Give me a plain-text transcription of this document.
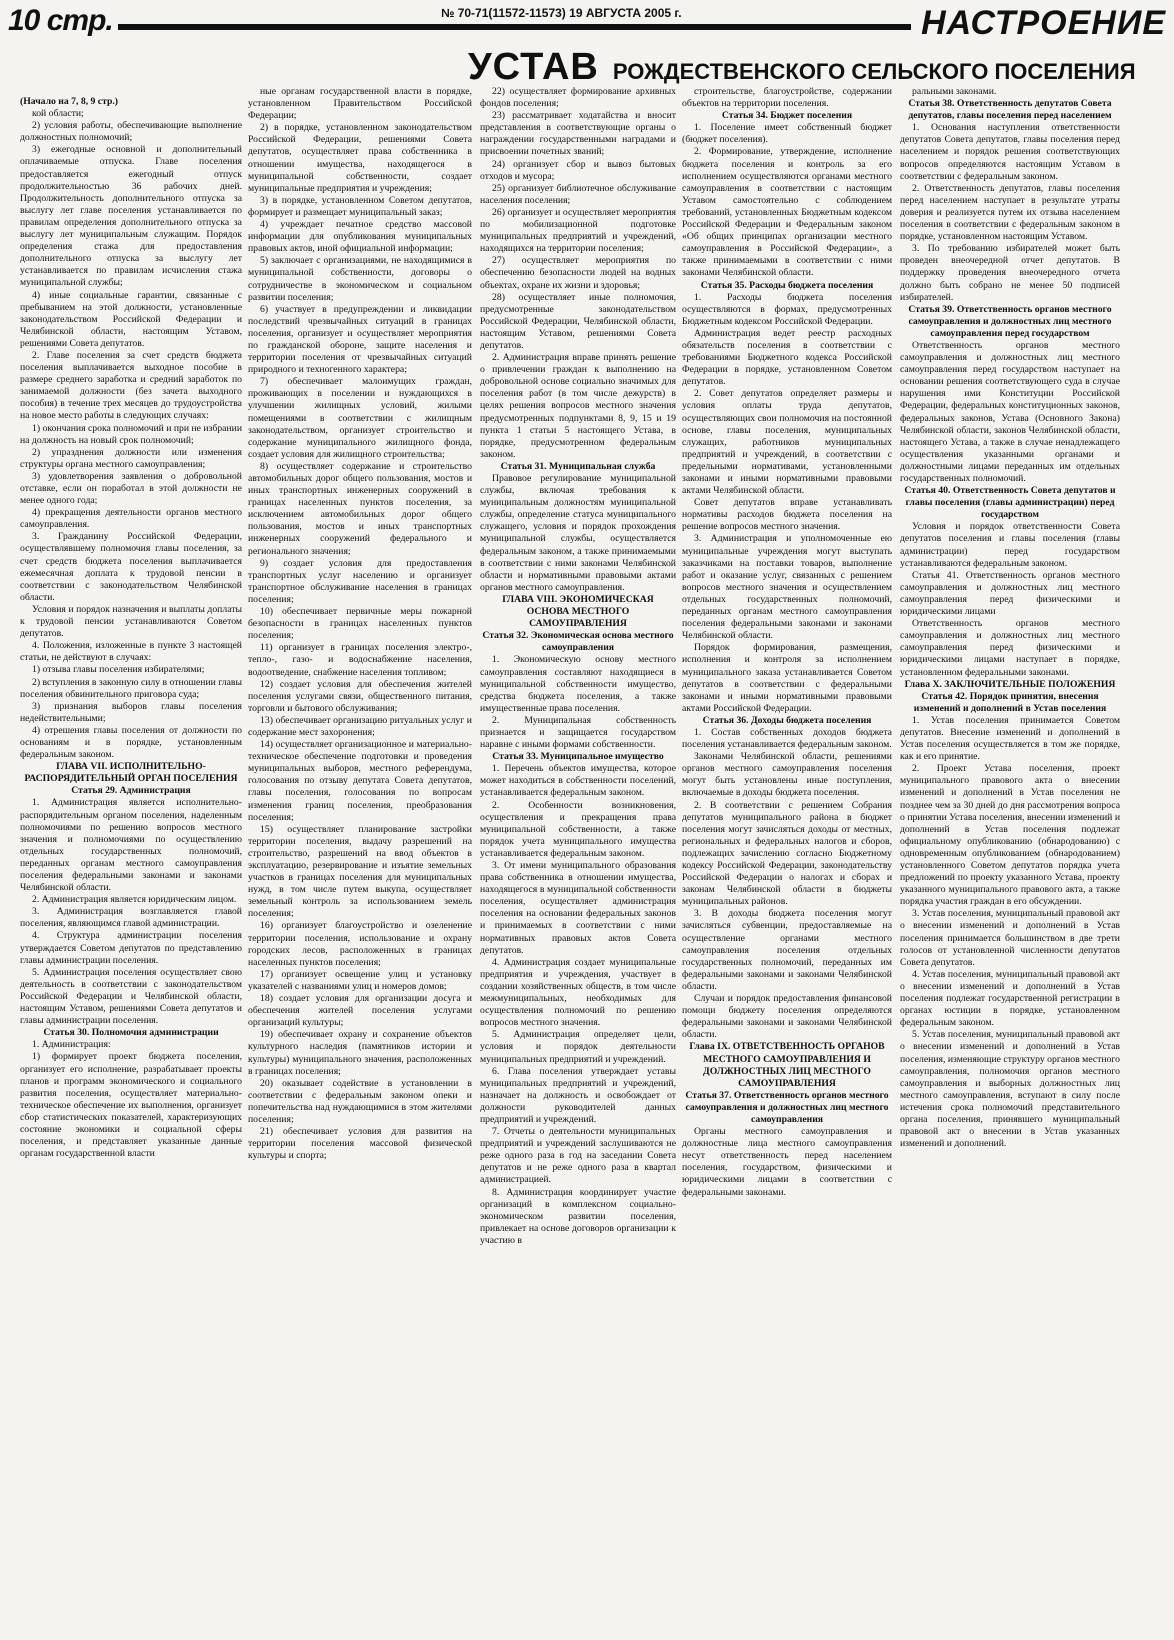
10 стр.	№ 70-71(11572-11573) 19 АВГУСТА 2005 г.	НАСТРОЕНИЕ
УСТАВ РОЖДЕСТВЕНСКОГО СЕЛЬСКОГО ПОСЕЛЕНИЯ

(Начало на 7, 8, 9 стр.)

кой области;

2) условия работы, обеспечивающие выполнение должностных полномочий;

3) ежегодные основной и дополнительный оплачиваемые отпуска. Главе поселения предоставляется ежегодный отпуск продолжительностью 36 рабочих дней. Продолжительность дополнительного отпуска за выслугу лет главе поселения устанавливается по правилам определения дополнительного отпуска за выслугу лет муниципальным служащим. Порядок определения стажа для предоставления дополнительного отпуска за выслугу лет устанавливается по правилам исчисления стажа муниципальной службы;

4) иные социальные гарантии, связанные с пребыванием на этой должности, установленные законодательством Российской Федерации и Челябинской области, настоящим Уставом, решениями Совета депутатов.

2. Главе поселения за счет средств бюджета поселения выплачивается выходное пособие в размере среднего заработка и средний заработок по занимаемой должности (без зачета выходного пособия) в течение трех месяцев до трудоустройства на новое место работы в следующих случаях:

1) окончания срока полномочий и при не избрании на должность на новый срок полномочий;

2) упразднения должности или изменения структуры органа местного самоуправления;

3) удовлетворения заявления о добровольной отставке, если он поработал в этой должности не менее одного года;

4) прекращения деятельности органов местного самоуправления.

3. Гражданину Российской Федерации, осуществлявшему полномочия главы поселения, за счет средств бюджета поселения выплачивается ежемесячная доплата к трудовой пенсии в соответствии с законодательством Челябинской области.

Условия и порядок назначения и выплаты доплаты к трудовой пенсии устанавливаются Советом депутатов.

4. Положения, изложенные в пункте 3 настоящей статьи, не действуют в случаях:

1) отзыва главы поселения избирателями;

2) вступления в законную силу в отношении главы поселения обвинительного приговора суда;

3) признания выборов главы поселения недействительными;

4) отрешения главы поселения от должности по основаниям и в порядке, установленным федеральным законом.

ГЛАВА VII. ИСПОЛНИТЕЛЬНО-РАСПОРЯДИТЕЛЬНЫЙ ОРГАН ПОСЕЛЕНИЯ

Статья 29. Администрация

1. Администрация является исполнительно-распорядительным органом поселения, наделенным полномочиями по решению вопросов местного значения и полномочиями по осуществлению отдельных государственных полномочий, переданных органам местного самоуправления поселения федеральными законами и законами Челябинской области.

2. Администрация является юридическим лицом.

3. Администрация возглавляется главой поселения, являющимся главой администрации.

4. Структура администрации поселения утверждается Советом депутатов по представлению главы администрации поселения.

5. Администрация поселения осуществляет свою деятельность в соответствии с законодательством Российской Федерации и Челябинской области, настоящим Уставом, решениями Совета депутатов и главы администрации поселения.

Статья 30. Полномочия администрации

1. Администрация:

1) формирует проект бюджета поселения, организует его исполнение, разрабатывает проекты планов и программ экономического и социального развития поселения, осуществляет материально-техническое обеспечение их выполнения, организует сбор статистических показателей, характеризующих состояние экономики и социальной сферы поселения, и представляет указанные данные органам государственной власти

ные органам государственной власти в порядке, установленном Правительством Российской Федерации;

2) в порядке, установленном законодательством Российской Федерации, решениями Совета депутатов, осуществляет права собственника в отношении имущества, находящегося в муниципальной собственности, создает муниципальные предприятия и учреждения;

3) в порядке, установленном Советом депутатов, формирует и размещает муниципальный заказ;

4) учреждает печатное средство массовой информации для опубликования муниципальных правовых актов, иной официальной информации;

5) заключает с организациями, не находящимися в муниципальной собственности, договоры о сотрудничестве в экономическом и социальном развитии поселения;

6) участвует в предупреждении и ликвидации последствий чрезвычайных ситуаций в границах поселения, организует и осуществляет мероприятия по гражданской обороне, защите населения и территории поселения от чрезвычайных ситуаций природного и техногенного характера;

7) обеспечивает малоимущих граждан, проживающих в поселении и нуждающихся в улучшении жилищных условий, жилыми помещениями в соответствии с жилищным законодательством, организует строительство и содержание муниципального жилищного фонда, создает условия для жилищного строительства;

8) осуществляет содержание и строительство автомобильных дорог общего пользования, мостов и иных транспортных инженерных сооружений в границах населенных пунктов поселения, за исключением автомобильных дорог общего пользования, мостов и иных транспортных инженерных сооружений федерального и регионального значения;

9) создает условия для предоставления транспортных услуг населению и организует транспортное обслуживание населения в границах поселения;

10) обеспечивает первичные меры пожарной безопасности в границах населенных пунктов поселения;

11) организует в границах поселения электро-, тепло-, газо- и водоснабжение населения, водоотведение, снабжение населения топливом;

12) создает условия для обеспечения жителей поселения услугами связи, общественного питания, торговли и бытового обслуживания;

13) обеспечивает организацию ритуальных услуг и содержание мест захоронения;

14) осуществляет организационное и материально-техническое обеспечение подготовки и проведения муниципальных выборов, местного референдума, голосования по отзыву депутата Совета депутатов, главы поселения, голосования по вопросам изменения границ поселения, преобразования поселения;

15) осуществляет планирование застройки территории поселения, выдачу разрешений на строительство, разрешений на ввод объектов в эксплуатацию, резервирование и изъятие земельных участков в границах поселения для муниципальных нужд, в том числе путем выкупа, осуществляет земельный контроль за использованием земель поселения;

16) организует благоустройство и озеленение территории поселения, использование и охрану городских лесов, расположенных в границах населенных пунктов поселения;

17) организует освещение улиц и установку указателей с названиями улиц и номеров домов;

18) создает условия для организации досуга и обеспечения жителей поселения услугами организаций культуры;

19) обеспечивает охрану и сохранение объектов культурного наследия (памятников истории и культуры) муниципального значения, расположенных в границах поселения;

20) оказывает содействие в установлении в соответствии с федеральным законом опеки и попечительства над нуждающимися в этом жителями поселения;

21) обеспечивает условия для развития на территории поселения массовой физической культуры и спорта;

22) осуществляет формирование архивных фондов поселения;

23) рассматривает ходатайства и вносит представления в соответствующие органы о награждении государственными наградами и присвоении почетных званий;

24) организует сбор и вывоз бытовых отходов и мусора;

25) организует библиотечное обслуживание населения поселения;

26) организует и осуществляет мероприятия по мобилизационной подготовке муниципальных предприятий и учреждений, находящихся на территории поселения;

27) осуществляет мероприятия по обеспечению безопасности людей на водных объектах, охране их жизни и здоровья;

28) осуществляет иные полномочия, предусмотренные законодательством Российской Федерации, Челябинской области, настоящим Уставом, решениями Совета депутатов.

2. Администрация вправе принять решение о привлечении граждан к выполнению на добровольной основе социально значимых для поселения работ (в том числе дежурств) в целях решения вопросов местного значения предусмотренных подпунктами 8, 9, 15 и 19 пункта 1 статьи 5 настоящего Устава, в порядке, предусмотренном федеральным законом.

Статья 31. Муниципальная служба

Правовое регулирование муниципальной службы, включая требования к муниципальным должностям муниципальной службы, определение статуса муниципального служащего, условия и порядок прохождения муниципальной службы, осуществляется федеральным законом, а также принимаемыми в соответствии с ними законами Челябинской области и нормативными правовыми актами органов местного самоуправления.

ГЛАВА VIII. ЭКОНОМИЧЕСКАЯ ОСНОВА МЕСТНОГО САМОУПРАВЛЕНИЯ

Статья 32. Экономическая основа местного самоуправления

1. Экономическую основу местного самоуправления составляют находящиеся в муниципальной собственности имущество, средства бюджета поселения, а также имущественные права поселения.

2. Муниципальная собственность признается и защищается государством наравне с иными формами собственности.

Статья 33. Муниципальное имущество

1. Перечень объектов имущества, которое может находиться в собственности поселений, устанавливается федеральным законом.

2. Особенности возникновения, осуществления и прекращения права муниципальной собственности, а также порядок учета муниципального имущества устанавливается федеральным законом.

3. От имени муниципального образования права собственника в отношении имущества, находящегося в муниципальной собственности поселения, осуществляет администрация поселения на основании федеральных законов и принимаемых в соответствии с ними нормативных правовых актов Совета депутатов.

4. Администрация создает муниципальные предприятия и учреждения, участвует в создании хозяйственных обществ, в том числе межмуниципальных, необходимых для осуществления полномочий по решению вопросов местного значения.

5. Администрация определяет цели, условия и порядок деятельности муниципальных предприятий и учреждений.

6. Глава поселения утверждает уставы муниципальных предприятий и учреждений, назначает на должность и освобождает от должности руководителей данных предприятий и учреждений.

7. Отчеты о деятельности муниципальных предприятий и учреждений заслушиваются не реже одного раза в год на заседании Совета депутатов и не реже одного раза в квартал администрацией.

8. Администрация координирует участие организаций в комплексном социально-экономическом развитии поселения, привлекает на основе договоров организации к участию в

строительстве, благоустройстве, содержании объектов на территории поселения.

Статья 34. Бюджет поселения

1. Поселение имеет собственный бюджет (бюджет поселения).

2. Формирование, утверждение, исполнение бюджета поселения и контроль за его исполнением осуществляются органами местного самоуправления в соответствии с настоящим Уставом самостоятельно с соблюдением требований, установленных Бюджетным кодексом Российской Федерации и Федеральным законом «Об общих принципах организации местного самоуправления в Российской Федерации», а также принимаемыми в соответствии с ними законами Челябинской области.

Статья 35. Расходы бюджета поселения

1. Расходы бюджета поселения осуществляются в формах, предусмотренных Бюджетным кодексом Российской Федерации.

Администрация ведет реестр расходных обязательств поселения в соответствии с требованиями Бюджетного кодекса Российской Федерации в порядке, установленном Советом депутатов.

2. Совет депутатов определяет размеры и условия оплаты труда депутатов, осуществляющих свои полномочия на постоянной основе, главы поселения, муниципальных служащих, работников муниципальных предприятий и учреждений, в соответствии с предельными нормативами, установленными законами и иными нормативными правовыми актами Челябинской области.

Совет депутатов вправе устанавливать нормативы расходов бюджета поселения на решение вопросов местного значения.

3. Администрация и уполномоченные ею муниципальные учреждения могут выступать заказчиками на поставки товаров, выполнение работ и оказание услуг, связанных с решением вопросов местного значения и осуществлением отдельных государственных полномочий, переданных органам местного самоуправления поселения федеральными законами и законами Челябинской области.

Порядок формирования, размещения, исполнения и контроля за исполнением муниципального заказа устанавливается Советом депутатов в соответствии с федеральными законами и иными нормативными правовыми актами Российской Федерации.

Статья 36. Доходы бюджета поселения

1. Состав собственных доходов бюджета поселения устанавливается федеральным законом.

Законами Челябинской области, решениями органов местного самоуправления поселения могут быть установлены иные поступления, включаемые в доходы бюджета поселения.

2. В соответствии с решением Собрания депутатов муниципального района в бюджет поселения могут зачисляться доходы от местных, региональных и федеральных налогов и сборов, подлежащих зачислению согласно Бюджетному кодексу Российской Федерации, законодательству Российской Федерации о налогах и сборах и законам Челябинской области в бюджеты муниципальных районов.

3. В доходы бюджета поселения могут зачисляться субвенции, предоставляемые на осуществление органами местного самоуправления поселения отдельных государственных полномочий, переданных им федеральными законами и законами Челябинской области.

Случаи и порядок предоставления финансовой помощи бюджету поселения определяются федеральными законами и законами Челябинской области.

Глава IX. ОТВЕТСТВЕННОСТЬ ОРГАНОВ МЕСТНОГО САМОУПРАВЛЕНИЯ И ДОЛЖНОСТНЫХ ЛИЦ МЕСТНОГО САМОУПРАВЛЕНИЯ

Статья 37. Ответственность органов местного самоуправления и должностных лиц местного самоуправления

Органы местного самоуправления и должностные лица местного самоуправления несут ответственность перед населением поселения, государством, физическими и юридическими лицами в соответствии с федеральными законами.

ральными законами.

Статья 38. Ответственность депутатов Совета депутатов, главы поселения перед населением

1. Основания наступления ответственности депутатов Совета депутатов, главы поселения перед населением и порядок решения соответствующих вопросов определяются настоящим Уставом в соответствии с федеральным законом.

2. Ответственность депутатов, главы поселения перед населением наступает в результате утраты доверия и реализуется путем их отзыва населением поселения в соответствии с федеральным законом в порядке, установленном настоящим Уставом.

3. По требованию избирателей может быть проведен внеочередной отчет депутатов. В поддержку проведения внеочередного отчета должно быть собрано не менее 50 подписей избирателей.

Статья 39. Ответственность органов местного самоуправления и должностных лиц местного самоуправления перед государством

Ответственность органов местного самоуправления и должностных лиц местного самоуправления перед государством наступает на основании решения соответствующего суда в случае нарушения ими Конституции Российской Федерации, федеральных конституционных законов, федеральных законов, Устава (Основного Закона) Челябинской области, законов Челябинской области, настоящего Устава, а также в случае ненадлежащего осуществления указанными органами и должностными лицами переданных им отдельных государственных полномочий.

Статья 40. Ответственность Совета депутатов и главы поселения (главы администрации) перед государством

Условия и порядок ответственности Совета депутатов поселения и главы поселения (главы администрации) перед государством устанавливаются федеральным законом.

Статья 41. Ответственность органов местного самоуправления и должностных лиц местного самоуправления перед физическими и юридическими лицами

Ответственность органов местного самоуправления и должностных лиц местного самоуправления перед физическими и юридическими лицами наступает в порядке, установленном федеральными законами.

Глава X. ЗАКЛЮЧИТЕЛЬНЫЕ ПОЛОЖЕНИЯ

Статья 42. Порядок принятия, внесения изменений и дополнений в Устав поселения

1. Устав поселения принимается Советом депутатов. Внесение изменений и дополнений в Устав поселения осуществляется в том же порядке, как и его принятие.

2. Проект Устава поселения, проект муниципального правового акта о внесении изменений и дополнений в Устав поселения не позднее чем за 30 дней до дня рассмотрения вопроса о принятии Устава поселения, внесении изменений и дополнений в Устав поселения подлежат официальному опубликованию (обнародованию) с одновременным опубликованием (обнародованием) установленного Советом депутатов порядка учета предложений по проекту указанного Устава, проекту указанного муниципального правового акта, а также порядка участия граждан в его обсуждении.

3. Устав поселения, муниципальный правовой акт о внесении изменений и дополнений в Устав поселения принимается большинством в две трети голосов от установленной численности депутатов Совета депутатов.

4. Устав поселения, муниципальный правовой акт о внесении изменений и дополнений в Устав поселения подлежат государственной регистрации в органах юстиции в порядке, установленном федеральным законом.

5. Устав поселения, муниципальный правовой акт о внесении изменений и дополнений в Устав поселения, изменяющие структуру органов местного самоуправления, полномочия органов местного самоуправления и выборных должностных лиц местного самоуправления, вступают в силу после истечения срока полномочий представительного органа поселения, принявшего муниципальный правовой акт о внесении в Устав указанных изменений и дополнений.
